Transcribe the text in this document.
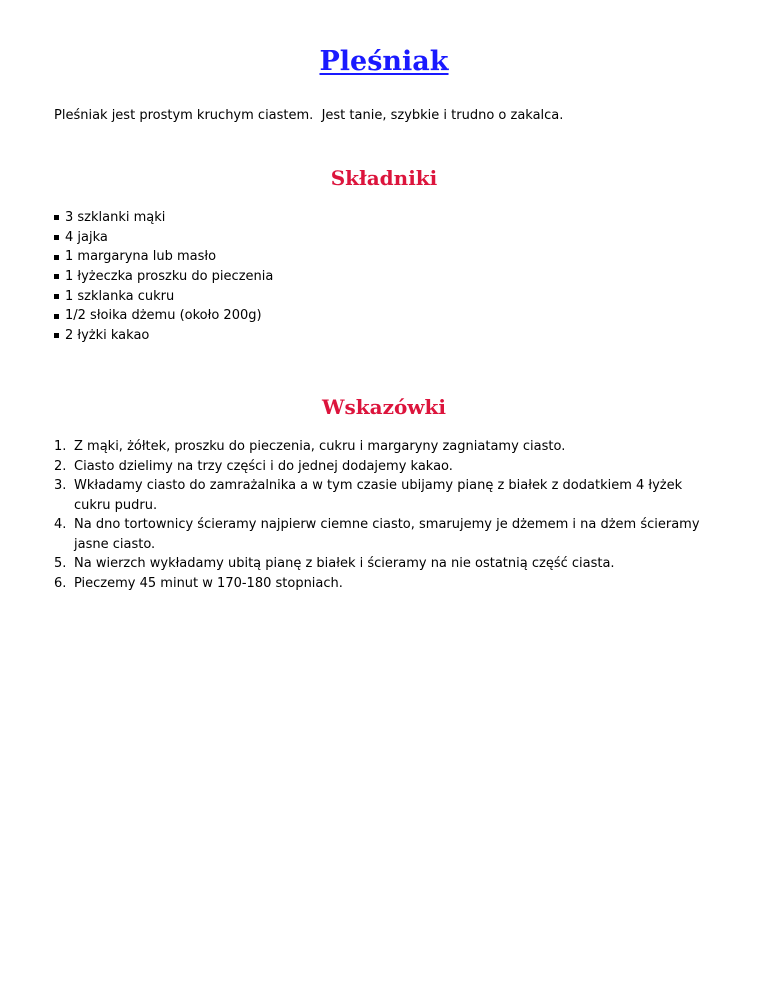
Pleśniak

Pleśniak jest prostym kruchym ciastem.  Jest tanie, szybkie i trudno o zakalca.

Składniki
3 szklanki mąki
4 jajka
1 margaryna lub masło
1 łyżeczka proszku do pieczenia
1 szklanka cukru
1/2 słoika dżemu (około 200g)
2 łyżki kakao
Wskazówki
1. Z mąki, żółtek, proszku do pieczenia, cukru i margaryny zagniatamy ciasto.
2. Ciasto dzielimy na trzy części i do jednej dodajemy kakao.
3. Wkładamy ciasto do zamrażalnika a w tym czasie ubijamy pianę z białek z dodatkiem 4 łyżek cukru pudru.
4. Na dno tortownicy ścieramy najpierw ciemne ciasto, smarujemy je dżemem i na dżem ścieramy jasne ciasto.
5. Na wierzch wykładamy ubitą pianę z białek i ścieramy na nie ostatnią część ciasta.
6. Pieczemy 45 minut w 170-180 stopniach.
